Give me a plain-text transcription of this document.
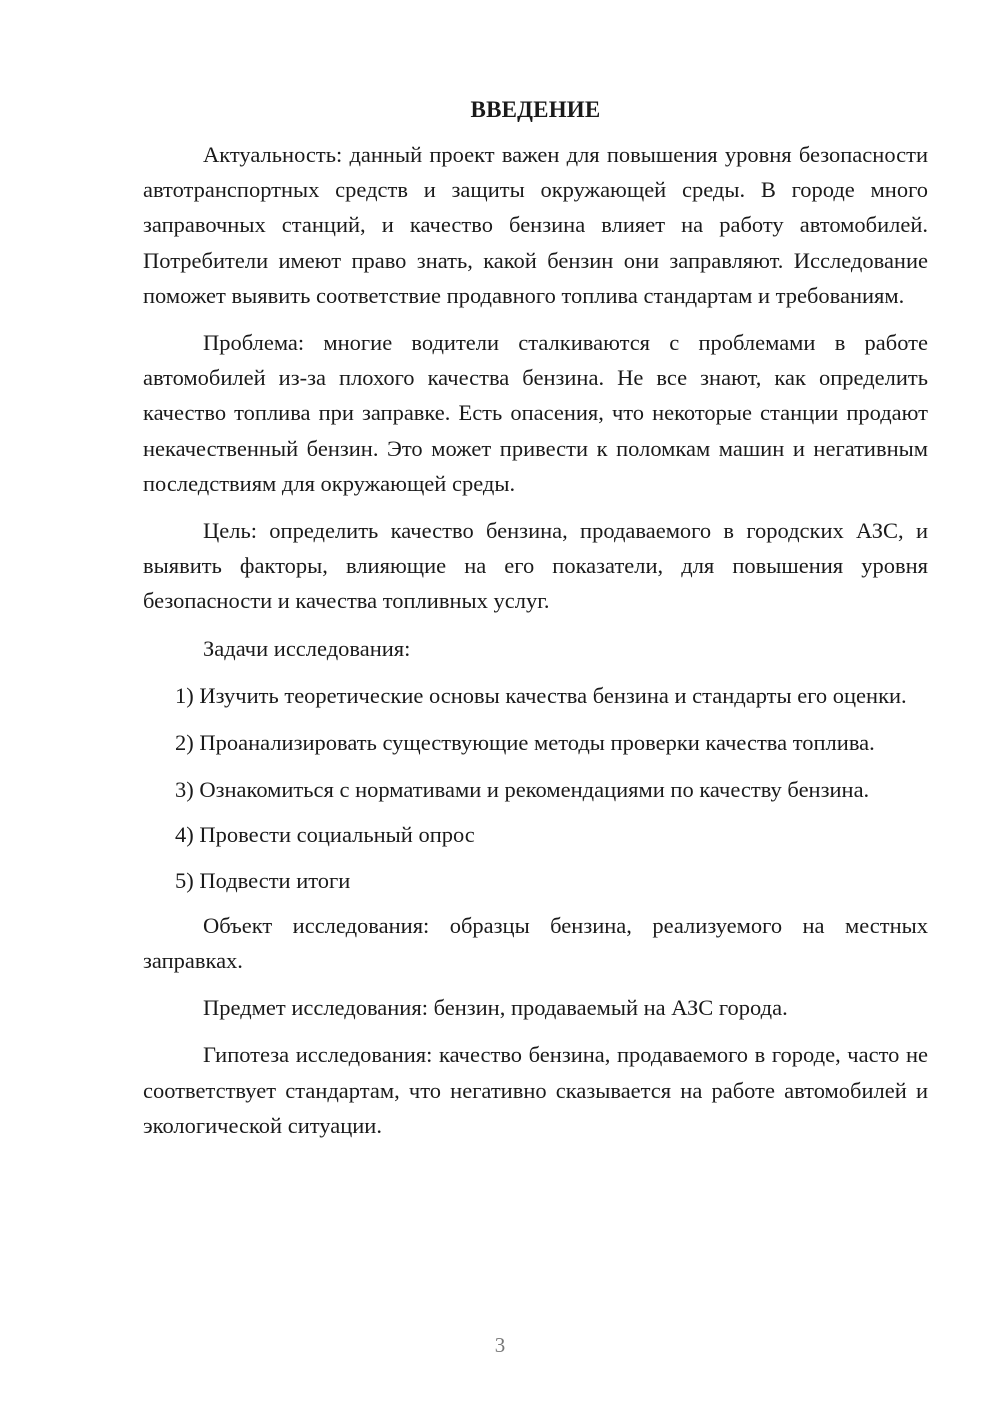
ВВЕДЕНИЕ

Актуальность: данный проект важен для повышения уровня безопасности автотранспортных средств и защиты окружающей среды. В городе много заправочных станций, и качество бензина влияет на работу автомобилей. Потребители имеют право знать, какой бензин они заправляют. Исследование поможет выявить соответствие продавного топлива стандартам и требованиям.

Проблема: многие водители сталкиваются с проблемами в работе автомобилей из-за плохого качества бензина. Не все знают, как определить качество топлива при заправке. Есть опасения, что некоторые станции продают некачественный бензин. Это может привести к поломкам машин и негативным последствиям для окружающей среды.

Цель: определить качество бензина, продаваемого в городских АЗС, и выявить факторы, влияющие на его показатели, для повышения уровня безопасности и качества топливных услуг.

Задачи исследования:

1) Изучить теоретические основы качества бензина и стандарты его оценки.

2) Проанализировать существующие методы проверки качества топлива.

3) Ознакомиться с нормативами и рекомендациями по качеству бензина.

4) Провести социальный опрос

5) Подвести итоги

Объект исследования: образцы бензина, реализуемого на местных заправках.

Предмет исследования: бензин, продаваемый на АЗС города.

Гипотеза исследования: качество бензина, продаваемого в городе, часто не соответствует стандартам, что негативно сказывается на работе автомобилей и экологической ситуации.

3
